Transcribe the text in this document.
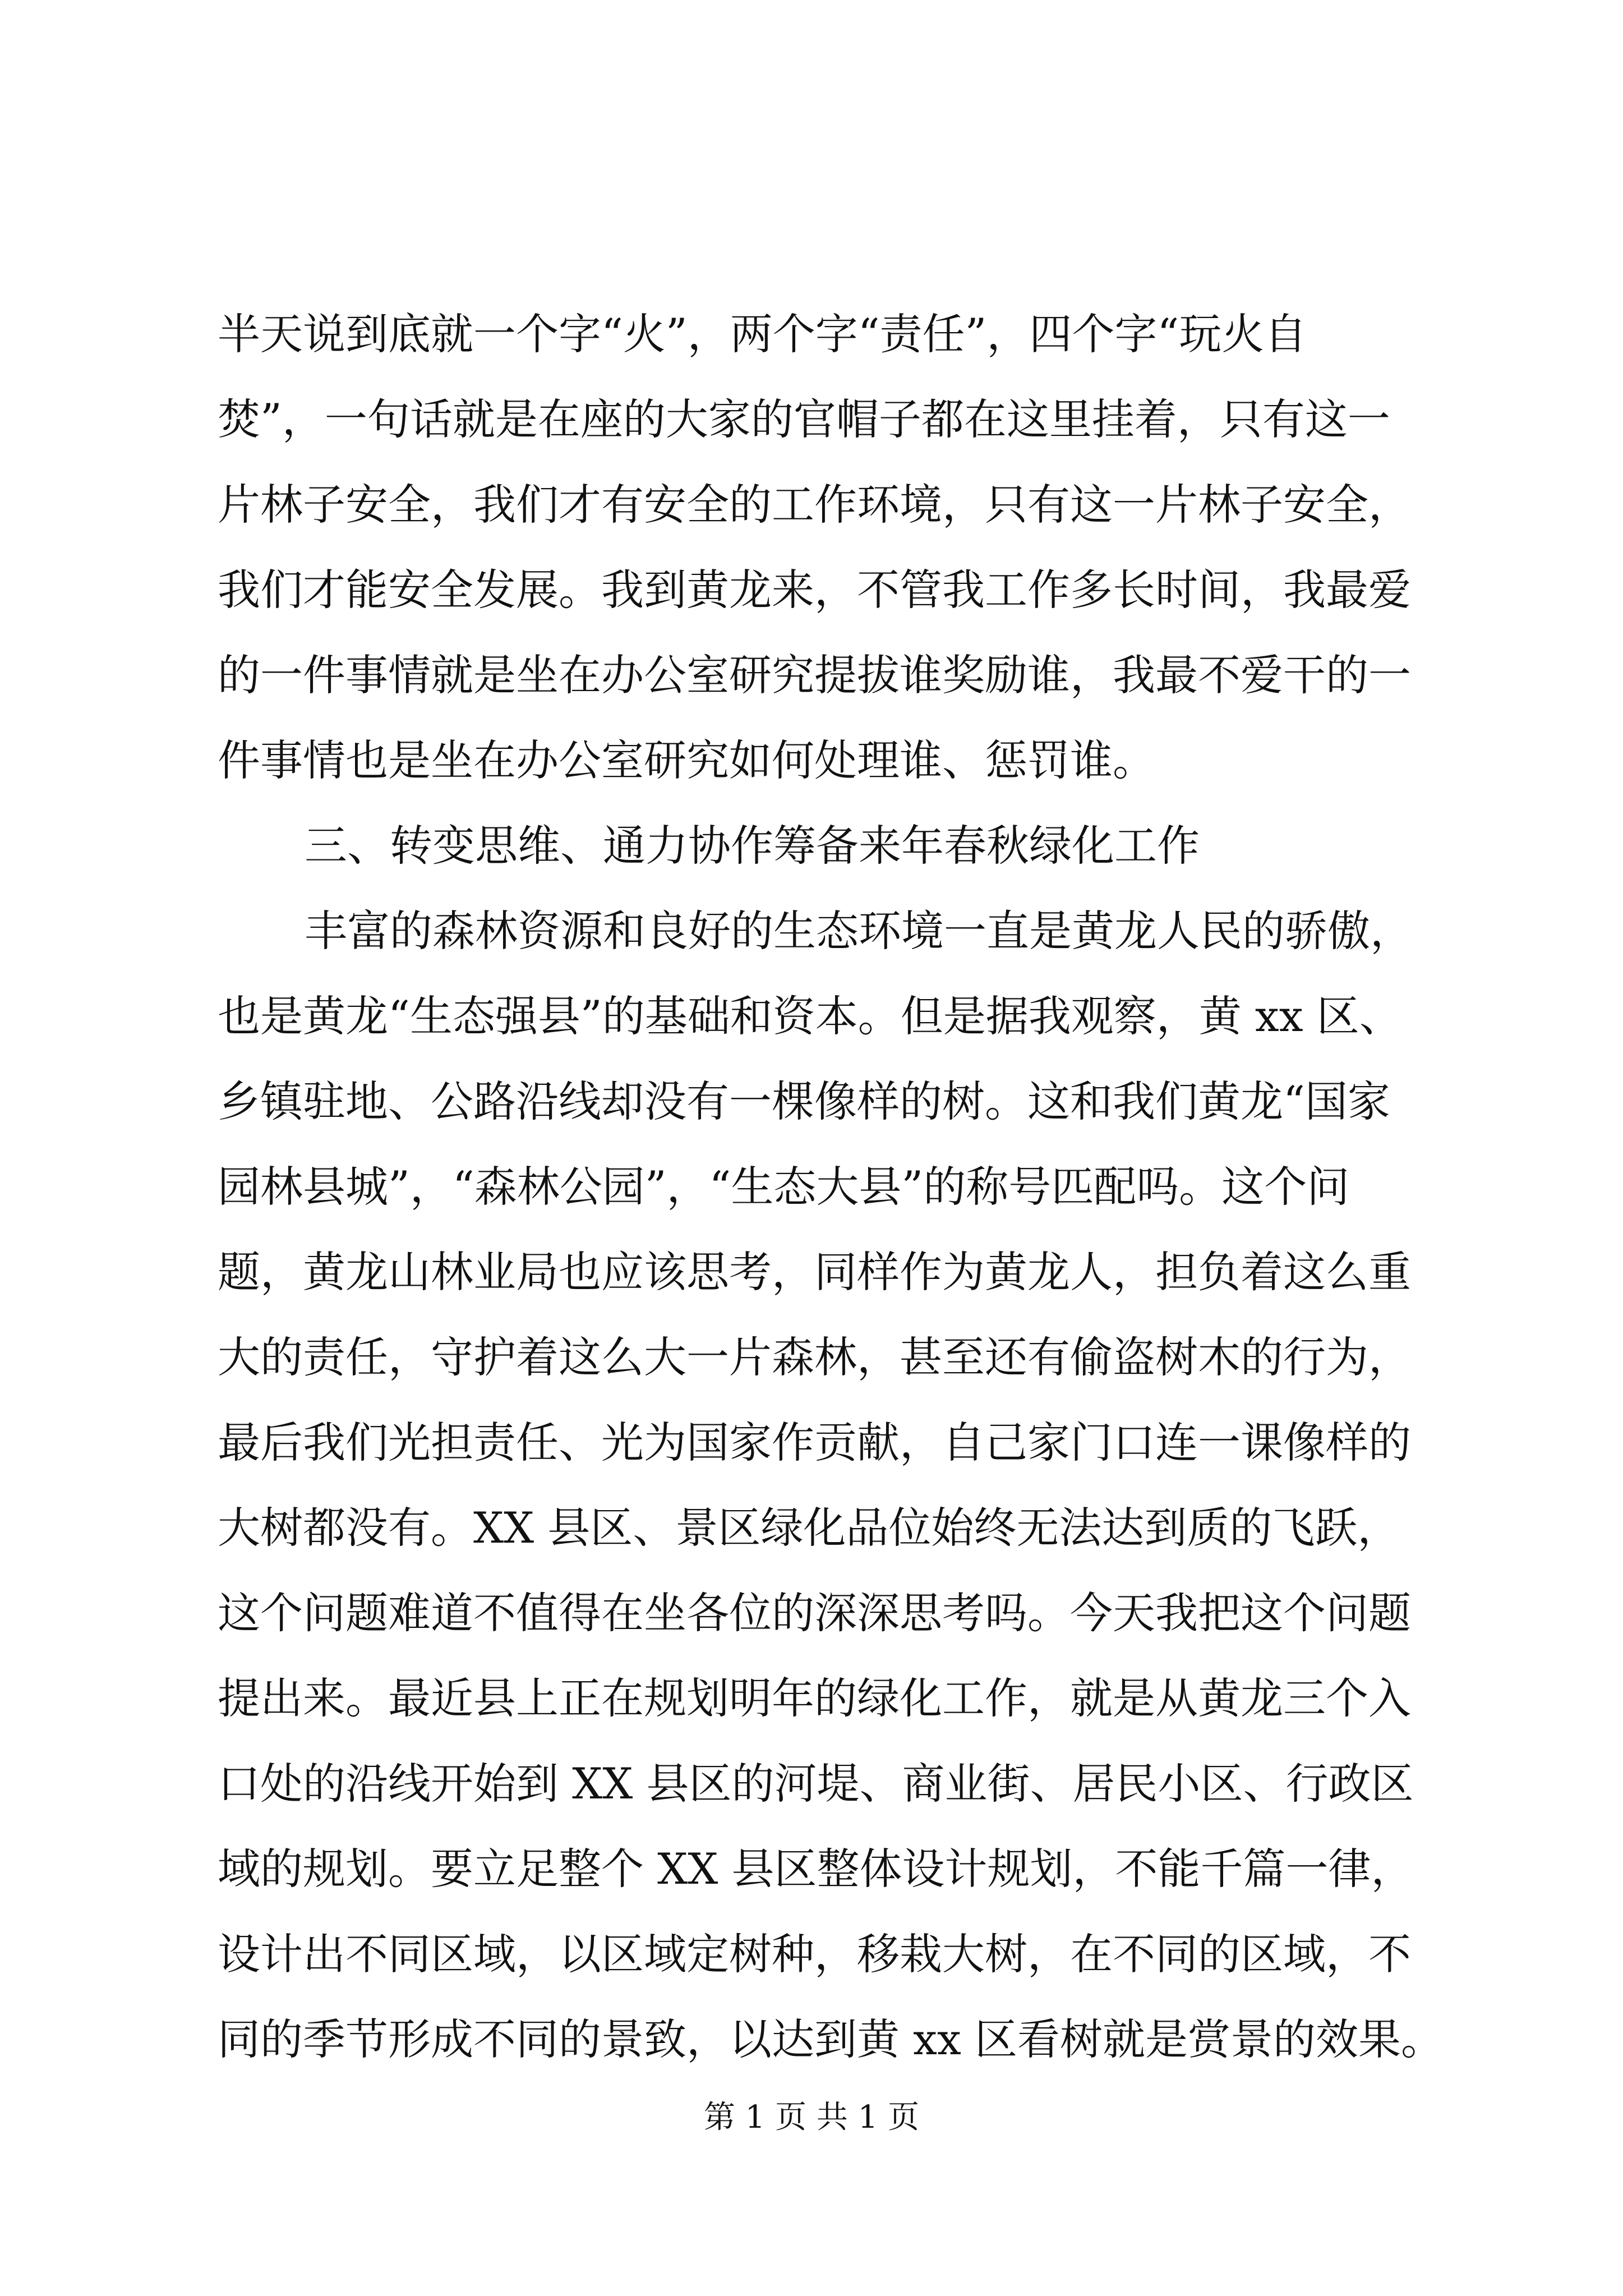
半天说到底就一个字“火”，两个字“责任”，四个字“玩火自
焚”，一句话就是在座的大家的官帽子都在这里挂着，只有这一
片林子安全，我们才有安全的工作环境，只有这一片林子安全，
我们才能安全发展。我到黄龙来，不管我工作多长时间，我最爱
的一件事情就是坐在办公室研究提拔谁奖励谁，我最不爱干的一
件事情也是坐在办公室研究如何处理谁、惩罚谁。
三、转变思维、通力协作筹备来年春秋绿化工作
丰富的森林资源和良好的生态环境一直是黄龙人民的骄傲，
也是黄龙“生态强县”的基础和资本。但是据我观察，黄 xx 区、
乡镇驻地、公路沿线却没有一棵像样的树。这和我们黄龙“国家
园林县城”，“森林公园”，“生态大县”的称号匹配吗。这个问
题，黄龙山林业局也应该思考，同样作为黄龙人，担负着这么重
大的责任，守护着这么大一片森林，甚至还有偷盗树木的行为，
最后我们光担责任、光为国家作贡献，自己家门口连一课像样的
大树都没有。XX 县区、景区绿化品位始终无法达到质的飞跃，
这个问题难道不值得在坐各位的深深思考吗。今天我把这个问题
提出来。最近县上正在规划明年的绿化工作，就是从黄龙三个入
口处的沿线开始到 XX 县区的河堤、商业街、居民小区、行政区
域的规划。要立足整个 XX 县区整体设计规划，不能千篇一律，
设计出不同区域，以区域定树种，移栽大树，在不同的区域，不
同的季节形成不同的景致，以达到黄 xx 区看树就是赏景的效果。
第 1 页 共 1 页
